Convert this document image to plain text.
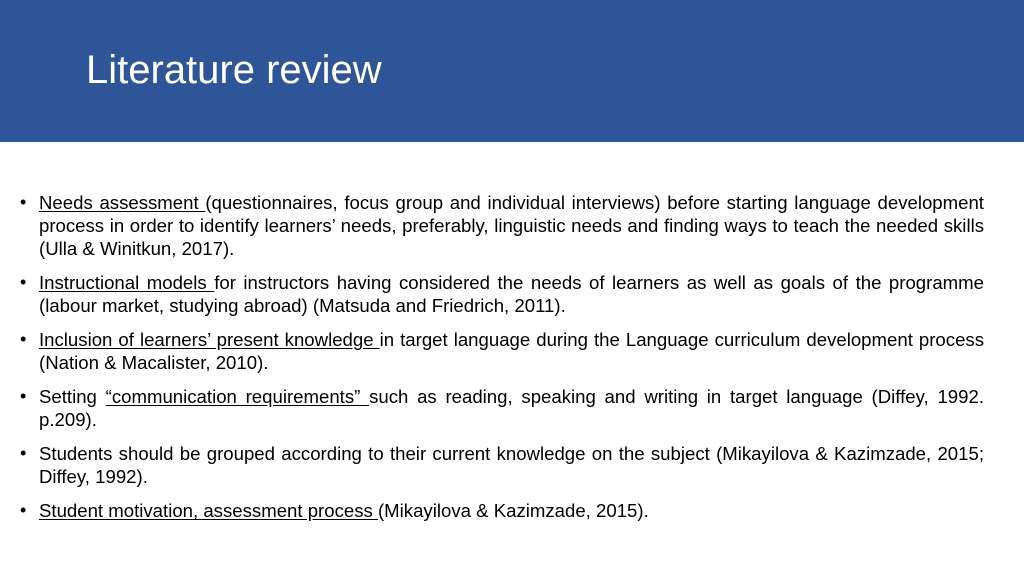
Literature review
• Needs assessment (questionnaires, focus group and individual interviews) before starting language development process in order to identify learners’ needs, preferably, linguistic needs and finding ways to teach the needed skills (Ulla & Winitkun, 2017).
• Instructional models for instructors having considered the needs of learners as well as goals of the programme (labour market, studying abroad) (Matsuda and Friedrich, 2011).
• Inclusion of learners’ present knowledge in target language during the Language curriculum development process (Nation & Macalister, 2010).
• Setting “communication requirements” such as reading, speaking and writing in target language (Diffey, 1992. p.209).
• Students should be grouped according to their current knowledge on the subject (Mikayilova & Kazimzade, 2015; Diffey, 1992).
• Student motivation, assessment process (Mikayilova & Kazimzade, 2015).
